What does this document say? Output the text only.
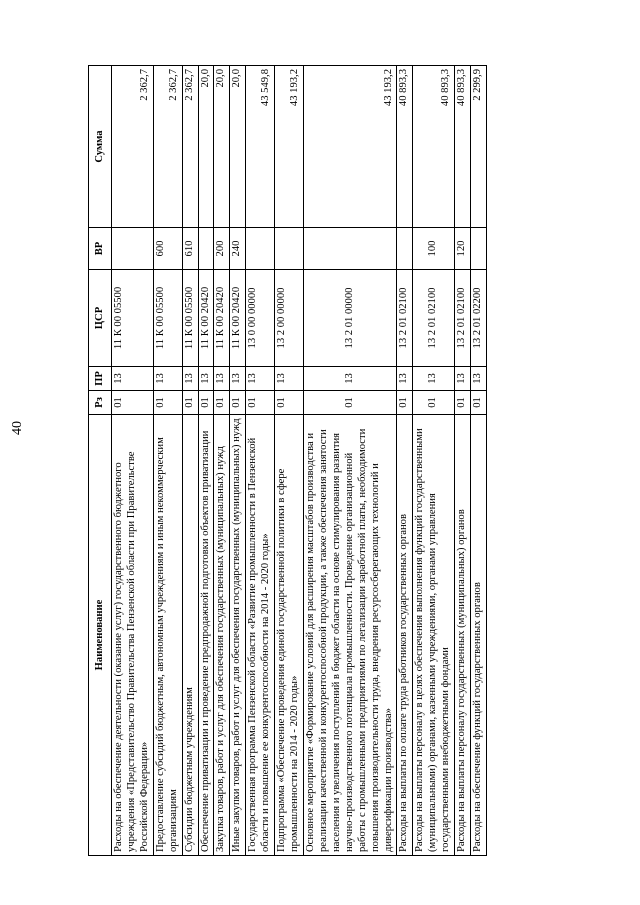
40
Наименование	Рз	ПР	ЦСР	ВР	Сумма
Расходы на обеспечение деятельности (оказание услуг) государственного бюджетного учреждения «Представительство Правительства Пензенской области при Правительстве Российской Федерации»	01	13	11 К 00 05500		2 362,7
Предоставление субсидий бюджетным, автономным учреждениям и иным некоммерческим организациям	01	13	11 К 00 05500	600	2 362,7
Субсидии бюджетным учреждениям	01	13	11 К 00 05500	610	2 362,7
Обеспечение приватизации и проведение предпродажной подготовки объектов приватизации	01	13	11 К 00 20420		20,0
Закупка товаров, работ и услуг для обеспечения государственных (муниципальных) нужд	01	13	11 К 00 20420	200	20,0
Иные закупки товаров, работ и услуг для обеспечения государственных (муниципальных) нужд	01	13	11 К 00 20420	240	20,0
Государственная программа Пензенской области «Развитие промышленности в Пензенской области и повышение ее конкурентоспособности на 2014 - 2020 годы»	01	13	13 0 00 00000		43 549,8
Подпрограмма «Обеспечение проведения единой государственной политики в сфере промышленности на 2014 - 2020 годы»	01	13	13 2 00 00000		43 193,2
Основное мероприятие «Формирование условий для расширения масштабов производства и реализации качественной и конкурентоспособной продукции, а также обеспечения занятости населения и увеличения поступлений в бюджет области на основе стимулирования развития научно-производственного потенциала промышленности. Проведение организационной работы с промышленными предприятиями по легализации заработной платы, необходимости повышения производительности труда, внедрения ресурсосберегающих технологий и диверсификации производства»	01	13	13 2 01 00000		43 193,2
Расходы на выплаты по оплате труда работников государственных органов	01	13	13 2 01 02100		40 893,3
Расходы на выплаты персоналу в целях обеспечения выполнения функций государственными (муниципальными) органами, казенными учреждениями, органами управления государственными внебюджетными фондами	01	13	13 2 01 02100	100	40 893,3
Расходы на выплаты персоналу государственных (муниципальных) органов	01	13	13 2 01 02100	120	40 893,3
Расходы на обеспечение функций государственных органов	01	13	13 2 01 02200		2 299,9
